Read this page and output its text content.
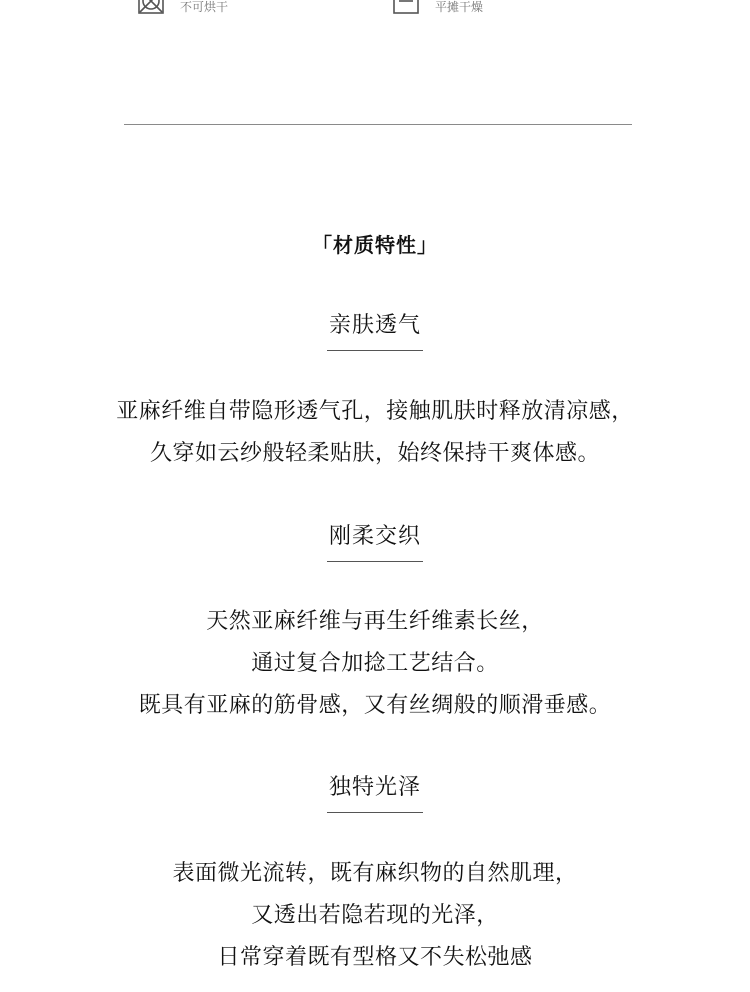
不可烘干	平摊干燥
「材质特性」
亲肤透气

亚麻纤维自带隐形透气孔，接触肌肤时释放清凉感，

久穿如云纱般轻柔贴肤，始终保持干爽体感。

刚柔交织

天然亚麻纤维与再生纤维素长丝，

通过复合加捻工艺结合。

既具有亚麻的筋骨感，又有丝绸般的顺滑垂感。

独特光泽

表面微光流转，既有麻织物的自然肌理，

又透出若隐若现的光泽，

日常穿着既有型格又不失松弛感
